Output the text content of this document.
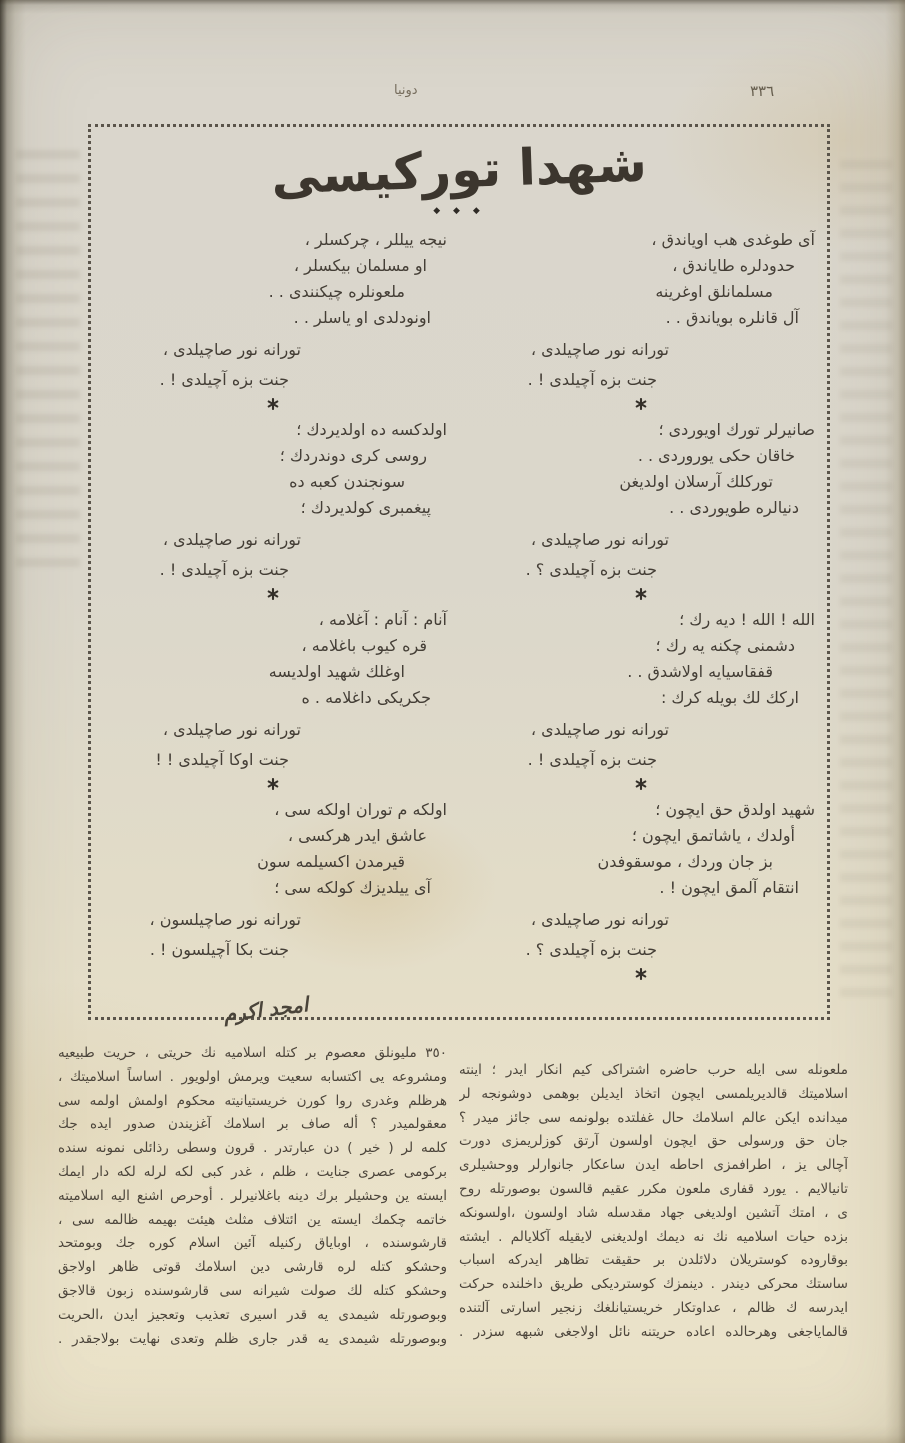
دونيا	٣٣٦
شهدا توركيسى
◆ ◆ ◆
آى طوغدى هب اوياندق ،
حدودلره طاياندق ،
مسلمانلق اوغرينه
آل قانلره بوياندق . .
تورانه نور صاچيلدى ،
جنت بزه آچيلدى ! .
صانيرلر تورك اويوردى ؛
خاقان حكى يوروردى . .
توركلك آرسلان اولديغن
دنيالره طويوردى . .
تورانه نور صاچيلدى ،
جنت بزه آچيلدى ؟ .
الله ! الله ! ديه رك ؛
دشمنى چكنه يه رك ؛
قفقاسيايه اولاشدق . .
اركك لك بويله كرك :
تورانه نور صاچيلدى ،
جنت بزه آچيلدى ! .
شهيد اولدق حق ايچون ؛
أولدك ، ياشاتمق ايچون ؛
بز جان وردك ، موسقوفدن
انتقام آلمق ايچون ! .
تورانه نور صاچيلدى ،
جنت بزه آچيلدى ؟ .
نيجه ييللر ، چركسلر ،
او مسلمان بيكسلر ،
ملعونلره چيكنندى . .
اونودلدى او ياسلر . .
تورانه نور صاچيلدى ،
جنت بزه آچيلدى ! .
اولدكسه ده اولديردك ؛
روسى كرى دوندردك ؛
سونجندن كعبه ده
پيغمبرى كولديردك ؛
تورانه نور صاچيلدى ،
جنت بزه آچيلدى ! .
آنام : آنام : آغلامه ،
قره كيوب باغلامه ،
اوغلك شهيد اولديسه
جكريكى داغلامه . ه
تورانه نور صاچيلدى ،
جنت اوكا آچيلدى ! !
اولكه م توران اولكه سى ،
عاشق ايدر هركسى ،
قيرمدن اكسيلمه سون
آى ييلديزك كولكه سى ؛
تورانه نور صاچيلسون ،
جنت بكا آچيلسون ! .
امجد اكرم
ملعونله سى ايله حرب حاضره اشتراكى كيم انكار ايدر ؛ اينته
اسلاميتك قالديريلمسى ايچون اتخاذ ايديلن بوهمى دوشونجه لر
ميدانده ايكن عالم اسلامك حال غفلتده بولونمه سى جائز ميدر ؟
جان حق ورسولى حق ايچون اولسون آرتق كوزلريمزى دورت
آچالى يز ، اطرافمزى احاطه ايدن ساعكار جانوارلر ووحشيلرى
تانيالايم . يورد قفارى ملعون مكرر عقيم قالسون بوصورتله روح
ى ، امتك آتشين اولديغى جهاد مقدسله شاد اولسون ،اولسونكه
بزده حيات اسلاميه نك نه ديمك اولديغنى لايقيله آكلايالم . ايشته
بوقاروده كوستريلان دلائلدن بر حقيقت تظاهر ايدركه اسباب
ساستك محركى ديندر . دينمزك كوسترديكى طريق داخلنده حركت
ايدرسه ك ظالم ، عداوتكار خريستيانلغك زنجير اسارتى آلتنده
قالماياجغى وهرحالده اعاده حريتنه نائل اولاجغى شبهه سزدر .
٣٥٠ مليونلق معصوم بر كتله اسلاميه نك حريتى ، حريت طبيعيه
ومشروعه يى اكتسابه سعيت ويرمش اولويور . اساساً اسلاميتك ،
هرظلم وغدرى روا كورن خريستيانيته محكوم اولمش اولمه سى
معقولميدر ؟ أله صاف بر اسلامك آغزيندن صدور ايده جك
كلمه لر ( خير ) دن عبارتدر . قرون وسطى رذائلى نمونه سنده
بركومى عصرى جنايت ، ظلم ، غدر كبى لكه لرله لكه دار ايمك
ايسته ين وحشيلر برك دينه باغلانيرلر . أوحرص اشنع اليه اسلاميته
خاتمه چكمك ايسته ين ائتلاف مثلث هيئت بهيمه ظالمه سى ،
قارشوسنده ، اوباياق ركنيله آئين اسلام كوره جك وبومتحد
وحشكو كتله لره قارشى دين اسلامك قوتى ظاهر اولاجق
وحشكو كتله لك صولت شيرانه سى قارشوسنده زبون قالاجق
وبوصورتله شيمدى يه قدر اسيرى تعذيب وتعجيز ايدن ،الحريت
وبوصورتله شيمدى يه قدر جارى ظلم وتعدى نهايت بولاجقدر .
